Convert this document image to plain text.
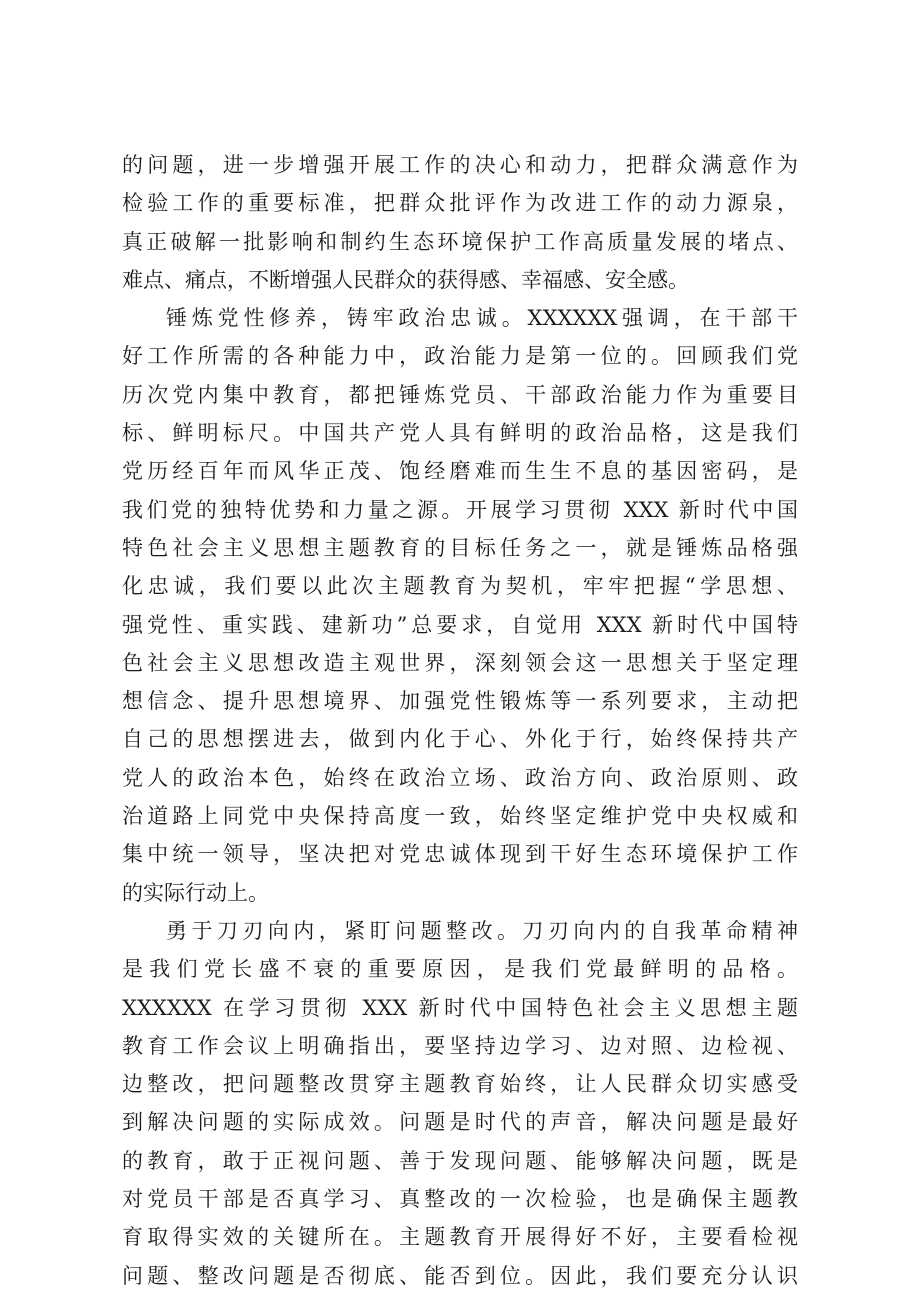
的问题，进一步增强开展工作的决心和动力，把群众满意作为
检验工作的重要标准，把群众批评作为改进工作的动力源泉，
真正破解一批影响和制约生态环境保护工作高质量发展的堵点、
难点、痛点，不断增强人民群众的获得感、幸福感、安全感。
锤炼党性修养，铸牢政治忠诚。XXXXXX强调，在干部干
好工作所需的各种能力中，政治能力是第一位的。回顾我们党
历次党内集中教育，都把锤炼党员、干部政治能力作为重要目
标、鲜明标尺。中国共产党人具有鲜明的政治品格，这是我们
党历经百年而风华正茂、饱经磨难而生生不息的基因密码，是
我们党的独特优势和力量之源。开展学习贯彻 XXX 新时代中国
特色社会主义思想主题教育的目标任务之一，就是锤炼品格强
化忠诚，我们要以此次主题教育为契机，牢牢把握“学思想、
强党性、重实践、建新功”总要求，自觉用 XXX 新时代中国特
色社会主义思想改造主观世界，深刻领会这一思想关于坚定理
想信念、提升思想境界、加强党性锻炼等一系列要求，主动把
自己的思想摆进去，做到内化于心、外化于行，始终保持共产
党人的政治本色，始终在政治立场、政治方向、政治原则、政
治道路上同党中央保持高度一致，始终坚定维护党中央权威和
集中统一领导，坚决把对党忠诚体现到干好生态环境保护工作
的实际行动上。
勇于刀刃向内，紧盯问题整改。刀刃向内的自我革命精神
是我们党长盛不衰的重要原因，是我们党最鲜明的品格。
XXXXXX 在学习贯彻 XXX 新时代中国特色社会主义思想主题
教育工作会议上明确指出，要坚持边学习、边对照、边检视、
边整改，把问题整改贯穿主题教育始终，让人民群众切实感受
到解决问题的实际成效。问题是时代的声音，解决问题是最好
的教育，敢于正视问题、善于发现问题、能够解决问题，既是
对党员干部是否真学习、真整改的一次检验，也是确保主题教
育取得实效的关键所在。主题教育开展得好不好，主要看检视
问题、整改问题是否彻底、能否到位。因此，我们要充分认识
